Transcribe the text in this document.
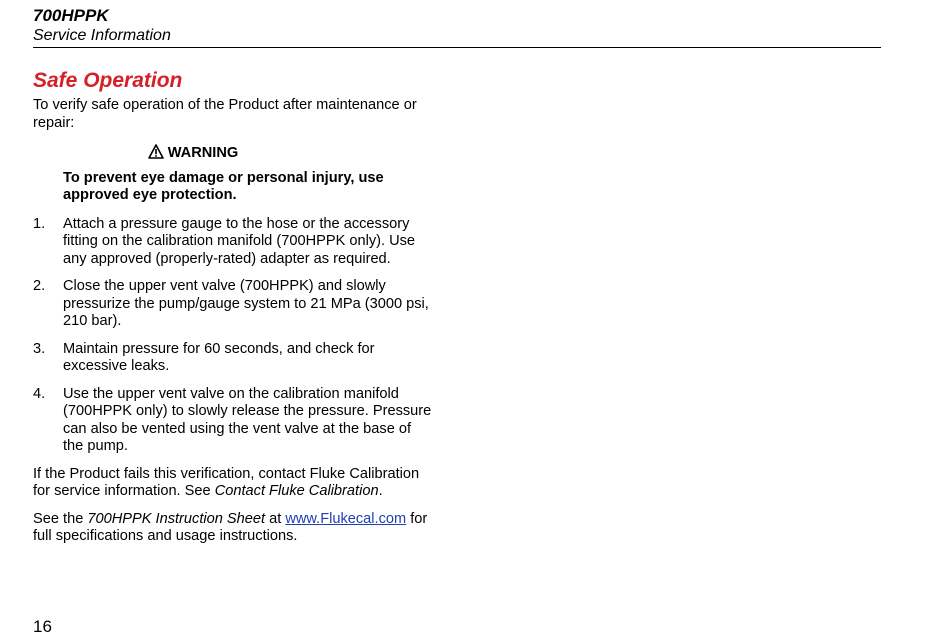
700HPPK
Service Information
Safe Operation

To verify safe operation of the Product after maintenance or repair:

WARNING

To prevent eye damage or personal injury, use approved eye protection.

1. Attach a pressure gauge to the hose or the accessory fitting on the calibration manifold (700HPPK only). Use any approved (properly-rated) adapter as required.
2. Close the upper vent valve (700HPPK) and slowly pressurize the pump/gauge system to 21 MPa (3000 psi, 210 bar).
3. Maintain pressure for 60 seconds, and check for excessive leaks.
4. Use the upper vent valve on the calibration manifold (700HPPK only) to slowly release the pressure. Pressure can also be vented using the vent valve at the base of the pump.

If the Product fails this verification, contact Fluke Calibration for service information. See Contact Fluke Calibration.

See the 700HPPK Instruction Sheet at www.Flukecal.com for full specifications and usage instructions.

16
